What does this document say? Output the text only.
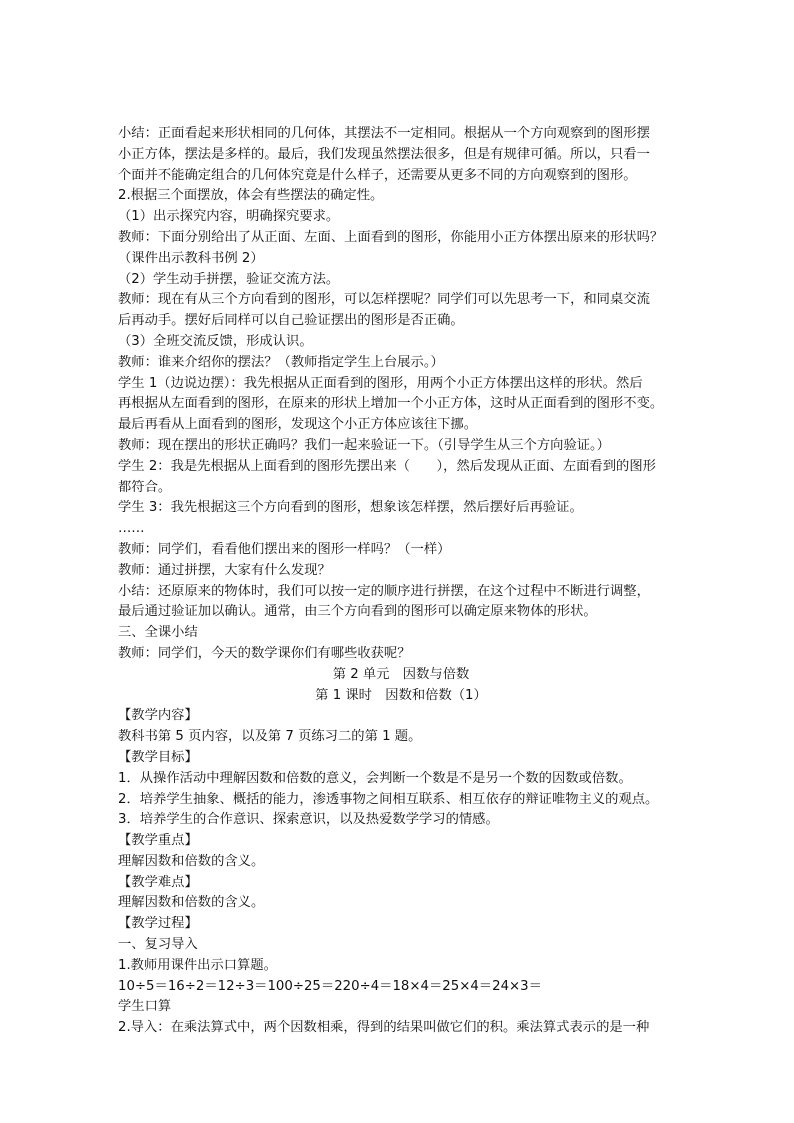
小结：正面看起来形状相同的几何体，其摆法不一定相同。根据从一个方向观察到的图形摆
小正方体，摆法是多样的。最后，我们发现虽然摆法很多，但是有规律可循。所以，只看一
个面并不能确定组合的几何体究竟是什么样子，还需要从更多不同的方向观察到的图形。
2.根据三个面摆放，体会有些摆法的确定性。
（1）出示探究内容，明确探究要求。
教师：下面分别给出了从正面、左面、上面看到的图形，你能用小正方体摆出原来的形状吗？
（课件出示教科书例 2）
（2）学生动手拼摆，验证交流方法。
教师：现在有从三个方向看到的图形，可以怎样摆呢？同学们可以先思考一下，和同桌交流
后再动手。摆好后同样可以自己验证摆出的图形是否正确。
（3）全班交流反馈，形成认识。
教师：谁来介绍你的摆法？（教师指定学生上台展示。）
学生 1（边说边摆）：我先根据从正面看到的图形，用两个小正方体摆出这样的形状。然后
再根据从左面看到的图形，在原来的形状上增加一个小正方体，这时从正面看到的图形不变。
最后再看从上面看到的图形，发现这个小正方体应该往下挪。
教师：现在摆出的形状正确吗？我们一起来验证一下。（引导学生从三个方向验证。）
学生 2：我是先根据从上面看到的图形先摆出来（　　），然后发现从正面、左面看到的图形
都符合。
学生 3：我先根据这三个方向看到的图形，想象该怎样摆，然后摆好后再验证。
……
教师：同学们，看看他们摆出来的图形一样吗？（一样）
教师：通过拼摆，大家有什么发现？
小结：还原原来的物体时，我们可以按一定的顺序进行拼摆，在这个过程中不断进行调整，
最后通过验证加以确认。通常，由三个方向看到的图形可以确定原来物体的形状。
三、全课小结
教师：同学们，今天的数学课你们有哪些收获呢？
第 2 单元　因数与倍数
第 1 课时　因数和倍数（1）
【教学内容】
教科书第 5 页内容，以及第 7 页练习二的第 1 题。
【教学目标】
1．从操作活动中理解因数和倍数的意义，会判断一个数是不是另一个数的因数或倍数。
2．培养学生抽象、概括的能力，渗透事物之间相互联系、相互依存的辩证唯物主义的观点。
3．培养学生的合作意识、探索意识，以及热爱数学学习的情感。
【教学重点】
理解因数和倍数的含义。
【教学难点】
理解因数和倍数的含义。
【教学过程】
一、复习导入
1.教师用课件出示口算题。
10÷5＝16÷2＝12÷3＝100÷25＝220÷4＝18×4＝25×4＝24×3＝
学生口算
2.导入：在乘法算式中，两个因数相乘，得到的结果叫做它们的积。乘法算式表示的是一种
